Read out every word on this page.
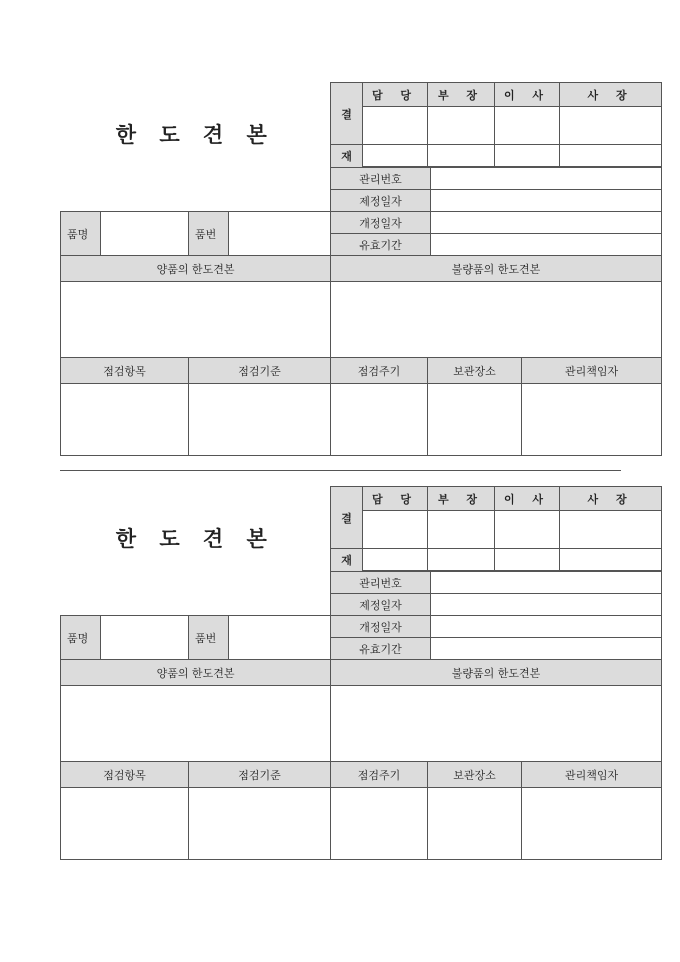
한 도 견 본				결	담 당	부 장		이 사		사 장

				재						

				관리번호						
				제정일자						
품명		품번		개정일자						
				유효기간						
양품의 한도견본				불량품의 한도견본						

점검항목		점검기준		점검주기		보관장소			관리책임자	

한 도 견 본				결	담 당	부 장		이 사		사 장

				재						

				관리번호						
				제정일자						
품명		품번		개정일자						
				유효기간						
양품의 한도견본				불량품의 한도견본						

점검항목		점검기준		점검주기		보관장소			관리책임자	
